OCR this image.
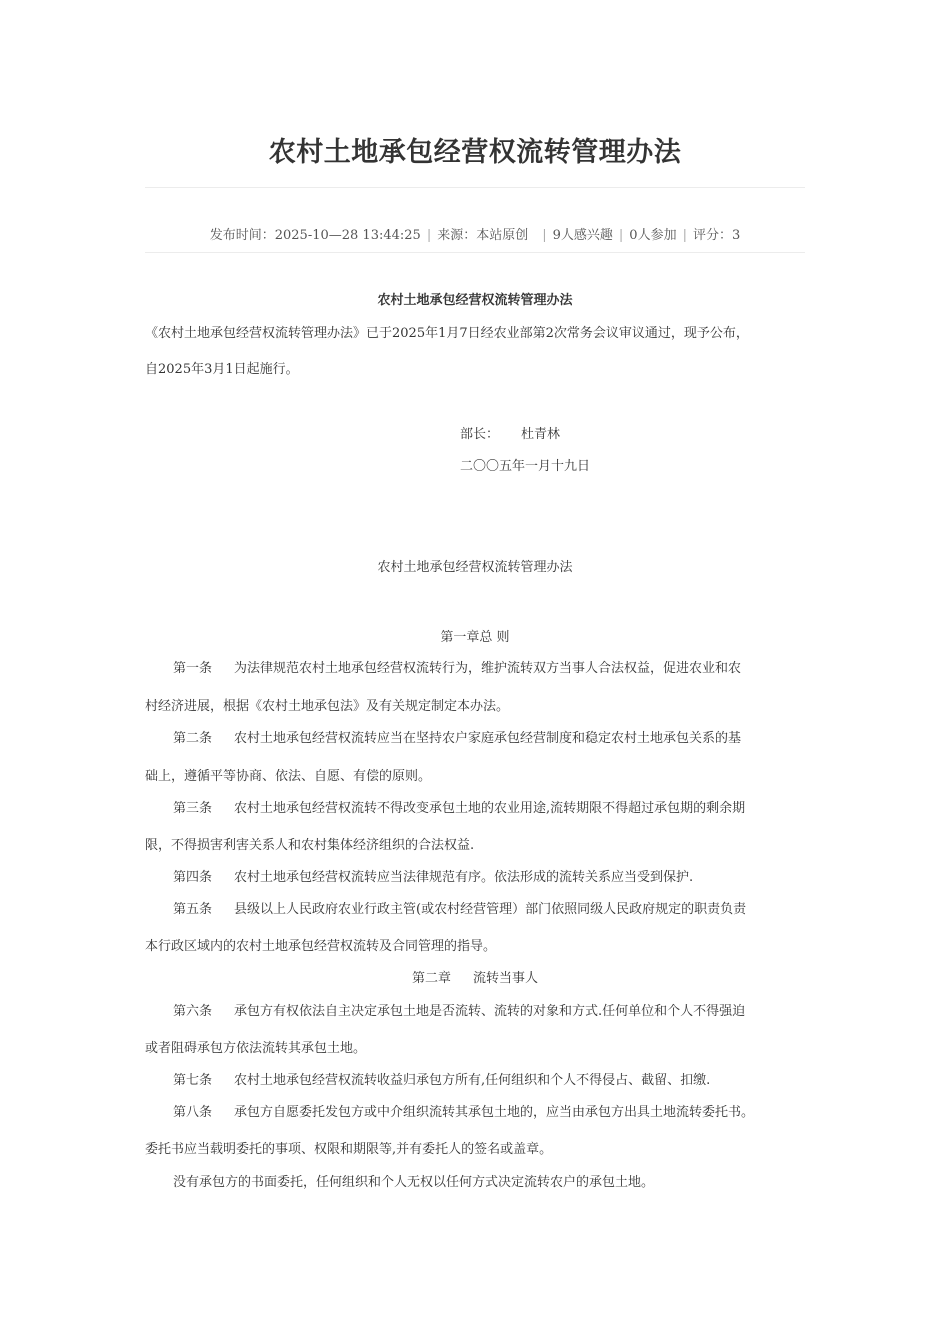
农村土地承包经营权流转管理办法
发布时间：2025-10—28 13:44:25 | 来源：本站原创 | 9人感兴趣 | 0人参加 | 评分：3
农村土地承包经营权流转管理办法
《农村土地承包经营权流转管理办法》已于2025年1月7日经农业部第2次常务会议审议通过，现予公布，
自2025年3月1日起施行。
部长： 杜青林
二〇〇五年一月十九日
农村土地承包经营权流转管理办法
第一章总 则
第一条 为法律规范农村土地承包经营权流转行为，维护流转双方当事人合法权益，促进农业和农
村经济进展，根据《农村土地承包法》及有关规定制定本办法。
第二条 农村土地承包经营权流转应当在坚持农户家庭承包经营制度和稳定农村土地承包关系的基
础上，遵循平等协商、依法、自愿、有偿的原则。
第三条 农村土地承包经营权流转不得改变承包土地的农业用途,流转期限不得超过承包期的剩余期
限，不得损害利害关系人和农村集体经济组织的合法权益.
第四条 农村土地承包经营权流转应当法律规范有序。依法形成的流转关系应当受到保护.
第五条 县级以上人民政府农业行政主管(或农村经营管理）部门依照同级人民政府规定的职责负责
本行政区域内的农村土地承包经营权流转及合同管理的指导。
第二章 流转当事人
第六条 承包方有权依法自主决定承包土地是否流转、流转的对象和方式.任何单位和个人不得强迫
或者阻碍承包方依法流转其承包土地。
第七条 农村土地承包经营权流转收益归承包方所有,任何组织和个人不得侵占、截留、扣缴.
第八条 承包方自愿委托发包方或中介组织流转其承包土地的，应当由承包方出具土地流转委托书。
委托书应当载明委托的事项、权限和期限等,并有委托人的签名或盖章。
没有承包方的书面委托，任何组织和个人无权以任何方式决定流转农户的承包土地。
